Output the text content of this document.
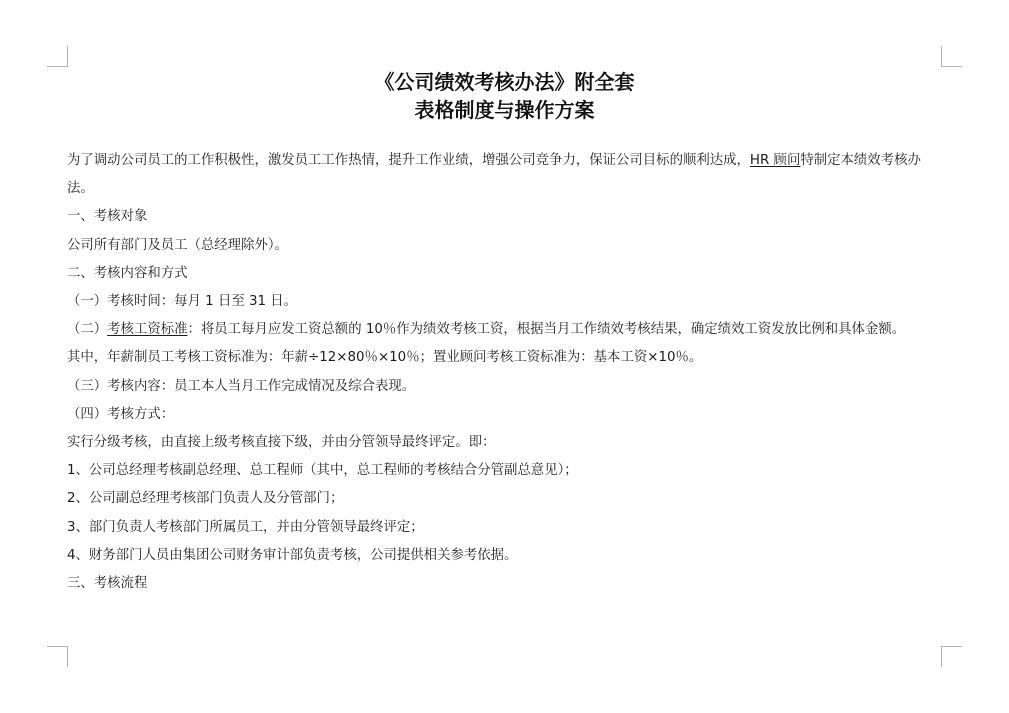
《公司绩效考核办法》附全套
表格制度与操作方案

为了调动公司员工的工作积极性，激发员工工作热情，提升工作业绩，增强公司竞争力，保证公司目标的顺利达成，HR 顾问特制定本绩效考核办法。

一、考核对象

公司所有部门及员工（总经理除外）。

二、考核内容和方式

（一）考核时间：每月 1 日至 31 日。

（二）考核工资标准：将员工每月应发工资总额的 10％作为绩效考核工资，根据当月工作绩效考核结果，确定绩效工资发放比例和具体金额。

其中，年薪制员工考核工资标准为：年薪÷12×80％×10％；置业顾问考核工资标准为：基本工资×10％。

（三）考核内容：员工本人当月工作完成情况及综合表现。

（四）考核方式：

实行分级考核，由直接上级考核直接下级，并由分管领导最终评定。即：

1、公司总经理考核副总经理、总工程师（其中，总工程师的考核结合分管副总意见）；

2、公司副总经理考核部门负责人及分管部门；

3、部门负责人考核部门所属员工，并由分管领导最终评定；

4、财务部门人员由集团公司财务审计部负责考核，公司提供相关参考依据。

三、考核流程
